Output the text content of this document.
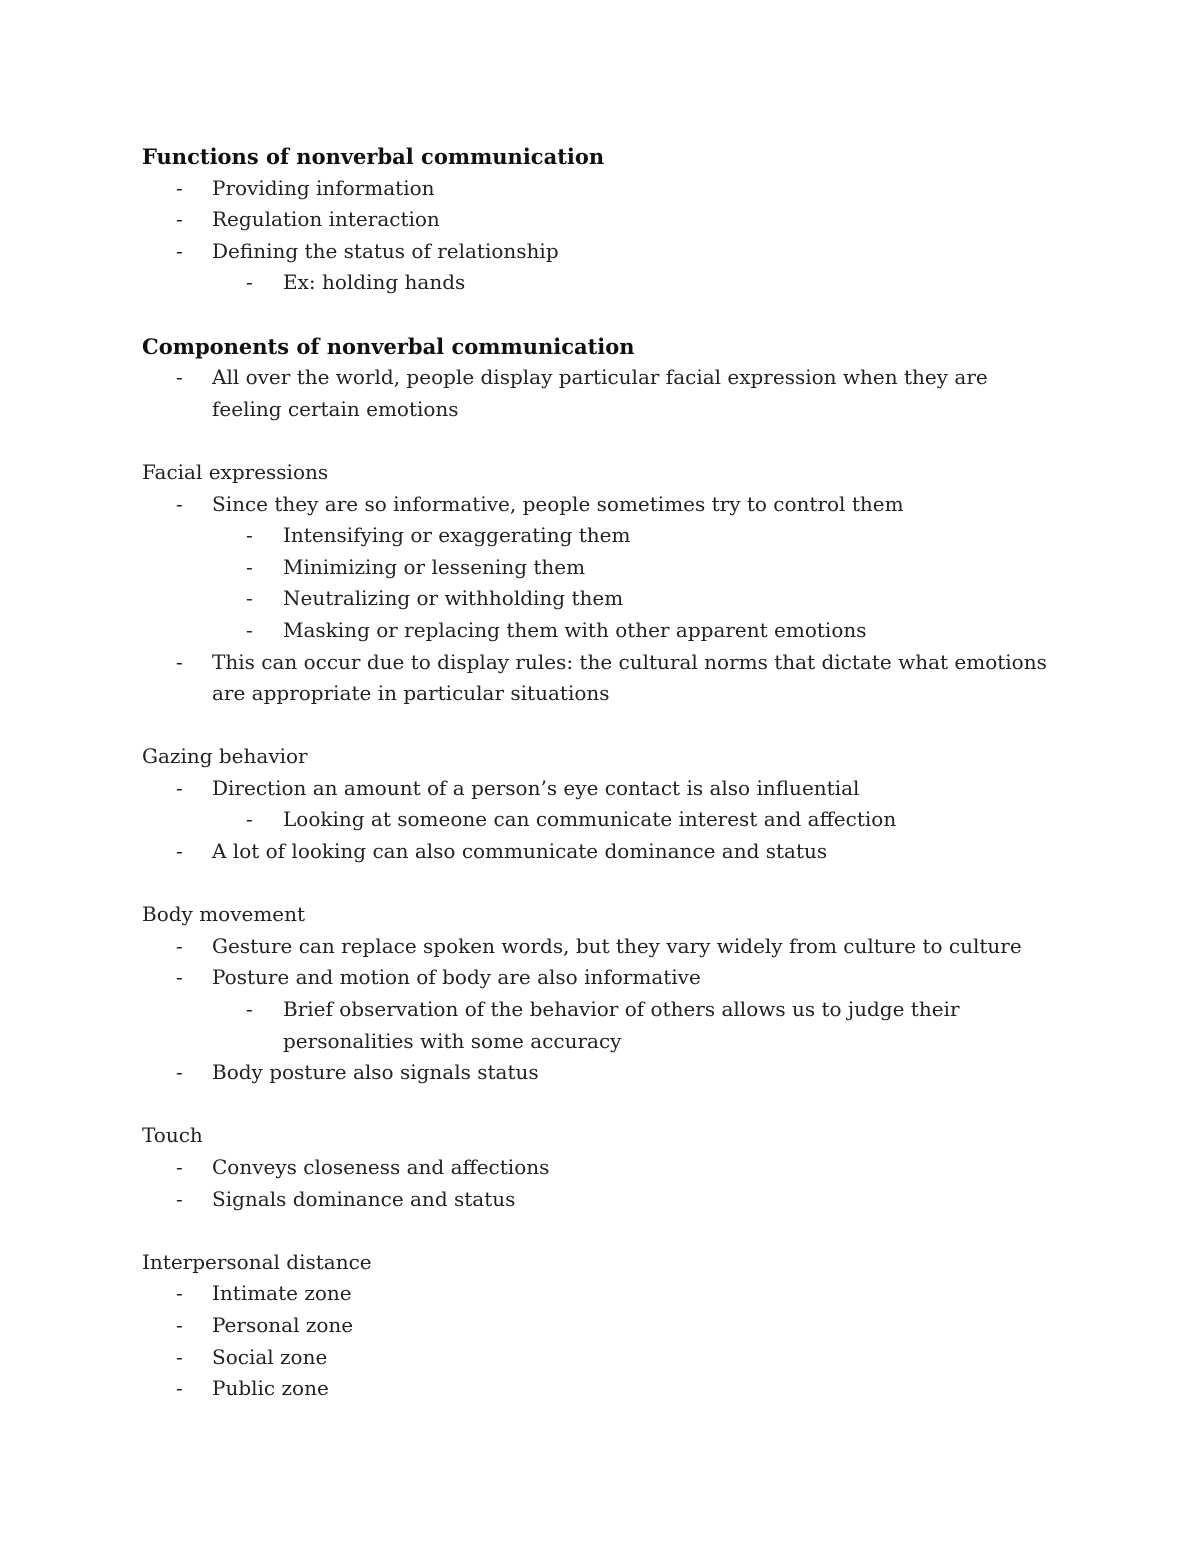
Functions of nonverbal communication

- Providing information
- Regulation interaction
- Defining the status of relationship
- Ex: holding hands

Components of nonverbal communication

- All over the world, people display particular facial expression when they are feeling certain emotions

Facial expressions

- Since they are so informative, people sometimes try to control them
- Intensifying or exaggerating them
- Minimizing or lessening them
- Neutralizing or withholding them
- Masking or replacing them with other apparent emotions
- This can occur due to display rules: the cultural norms that dictate what emotions are appropriate in particular situations

Gazing behavior

- Direction an amount of a person’s eye contact is also influential
- Looking at someone can communicate interest and affection
- A lot of looking can also communicate dominance and status

Body movement

- Gesture can replace spoken words, but they vary widely from culture to culture
- Posture and motion of body are also informative
- Brief observation of the behavior of others allows us to judge their personalities with some accuracy
- Body posture also signals status

Touch

- Conveys closeness and affections
- Signals dominance and status

Interpersonal distance

- Intimate zone
- Personal zone
- Social zone
- Public zone
